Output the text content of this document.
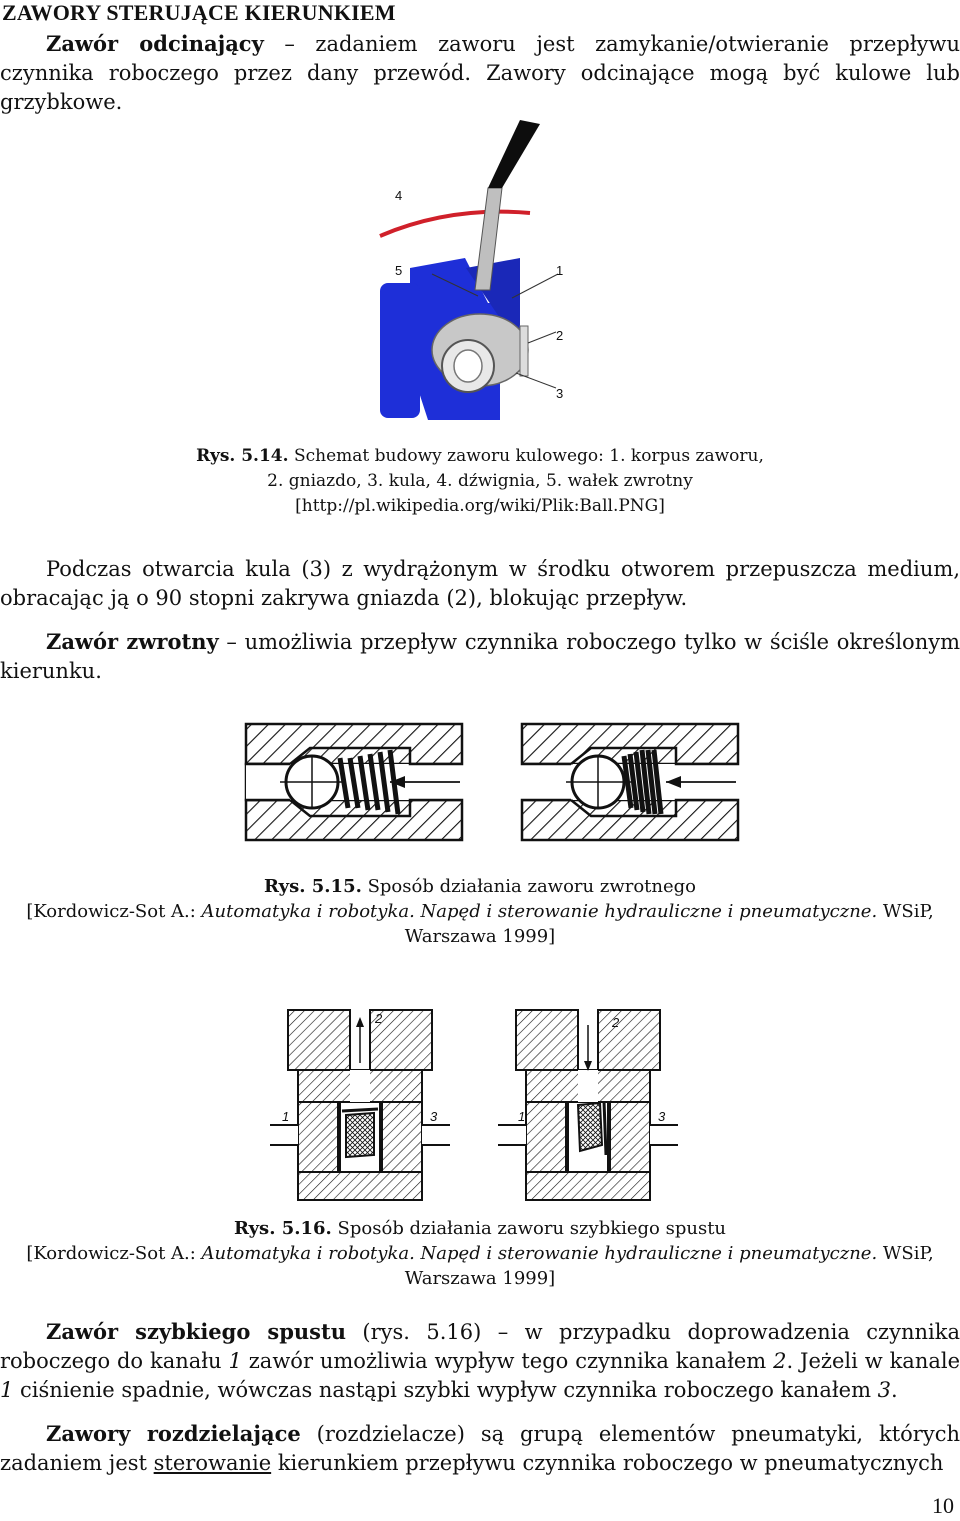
ZAWORY STERUJĄCE KIERUNKIEM

Zawór odcinający – zadaniem zaworu jest zamykanie/otwieranie przepływu czynnika roboczego przez dany przewód. Zawory odcinające mogą być kulowe lub grzybkowe.

4
5	1
2
3
Rys. 5.14. Schemat budowy zaworu kulowego: 1. korpus zaworu,
2. gniazdo, 3. kula, 4. dźwignia, 5. wałek zwrotny
[http://pl.wikipedia.org/wiki/Plik:Ball.PNG]

Podczas otwarcia kula (3) z wydrążonym w środku otworem przepuszcza medium, obracając ją o 90 stopni zakrywa gniazda (2), blokując przepływ.

Zawór zwrotny – umożliwia przepływ czynnika roboczego tylko w ściśle określonym kierunku.

Rys. 5.15. Sposób działania zaworu zwrotnego
[Kordowicz-Sot A.: Automatyka i robotyka. Napęd i sterowanie hydrauliczne i pneumatyczne. WSiP,
Warszawa 1999]
2
1	3
2
1	3
Rys. 5.16. Sposób działania zaworu szybkiego spustu
[Kordowicz-Sot A.: Automatyka i robotyka. Napęd i sterowanie hydrauliczne i pneumatyczne. WSiP,
Warszawa 1999]

Zawór szybkiego spustu (rys. 5.16) – w przypadku doprowadzenia czynnika roboczego do kanału 1 zawór umożliwia wypływ tego czynnika kanałem 2. Jeżeli w kanale 1 ciśnienie spadnie, wówczas nastąpi szybki wypływ czynnika roboczego kanałem 3.

Zawory rozdzielające (rozdzielacze) są grupą elementów pneumatyki, których zadaniem jest sterowanie kierunkiem przepływu czynnika roboczego w pneumatycznych

10
